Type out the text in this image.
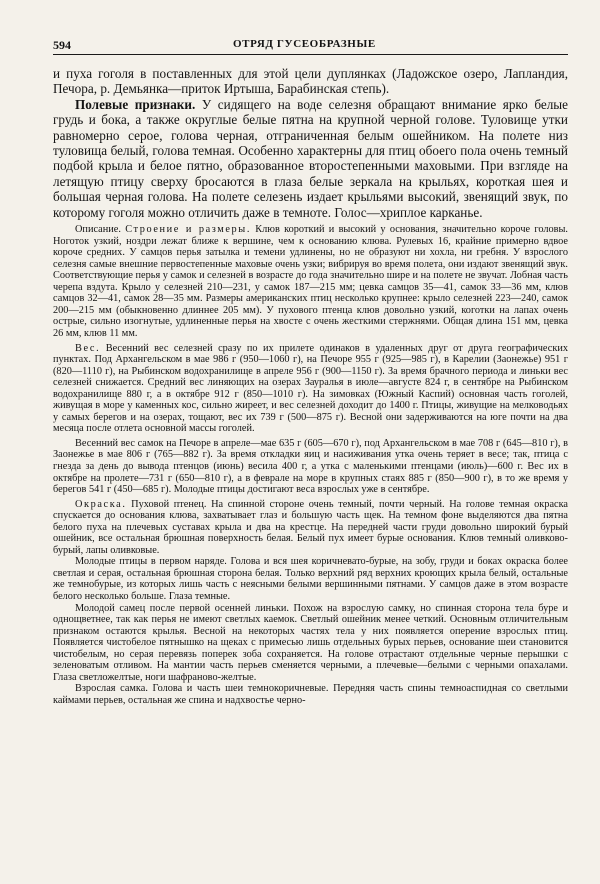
594	ОТРЯД ГУСЕОБРАЗНЫЕ

и пуха гоголя в поставленных для этой цели дуплянках (Ладожское озеро, Лапландия, Печора, р. Демьянка—приток Иртыша, Барабинская степь).

Полевые признаки. У сидящего на воде селезня обращают внимание ярко белые грудь и бока, а также округлые белые пятна на крупной черной голове. Туловище утки равномерно серое, голова черная, отграниченная белым ошейником. На полете низ туловища белый, голова темная. Особенно характерны для птиц обоего пола очень темный подбой крыла и белое пятно, образованное второстепенными маховыми. При взгляде на летящую птицу сверху бросаются в глаза белые зеркала на крыльях, короткая шея и большая черная голова. На полете селезень издает крыльями высокий, звенящий звук, по которому гоголя можно отличить даже в темноте. Голос—хриплое карканье.

Описание. Строение и размеры. Клюв короткий и высокий у основания, значительно короче головы. Ноготок узкий, ноздри лежат ближе к вершине, чем к основанию клюва. Рулевых 16, крайние примерно вдвое короче средних. У самцов перья затылка и темени удлинены, но не образуют ни хохла, ни гребня. У взрослого селезня самые внешние первостепенные маховые очень узки; вибрируя во время полета, они издают звенящий звук. Соответствующие перья у самок и селезней в возрасте до года значительно шире и на полете не звучат. Лобная часть черепа вздута. Крыло у селезней 210—231, у самок 187—215 мм; цевка самцов 35—41, самок 33—36 мм, клюв самцов 32—41, самок 28—35 мм. Размеры американских птиц несколько крупнее: крыло селезней 223—240, самок 200—215 мм (обыкновенно длиннее 205 мм). У пухового птенца клюв довольно узкий, коготки на лапах очень острые, сильно изогнутые, удлиненные перья на хвосте с очень жесткими стержнями. Общая длина 151 мм, цевка 26 мм, клюв 11 мм.

Вес. Весенний вес селезней сразу по их прилете одинаков в удаленных друг от друга географических пунктах. Под Архангельском в мае 986 г (950—1060 г), на Печоре 955 г (925—985 г), в Карелии (Заонежье) 951 г (820—1110 г), на Рыбинском водохранилище в апреле 956 г (900—1150 г). За время брачного периода и линьки вес селезней снижается. Средний вес линяющих на озерах Зауралья в июле—августе 824 г, в сентябре на Рыбинском водохранилище 880 г, а в октябре 912 г (850—1010 г). На зимовках (Южный Каспий) основная часть гоголей, живущая в море у каменных кос, сильно жиреет, и вес селезней доходит до 1400 г. Птицы, живущие на мелководьях у самых берегов и на озерах, тощают, вес их 739 г (500—875 г). Весной они задерживаются на юге почти на два месяца после отлета основной массы гоголей.

Весенний вес самок на Печоре в апреле—мае 635 г (605—670 г), под Архангельском в мае 708 г (645—810 г), в Заонежье в мае 806 г (765—882 г). За время откладки яиц и насиживания утка очень теряет в весе; так, птица с гнезда за день до вывода птенцов (июнь) весила 400 г, а утка с маленькими птенцами (июль)—600 г. Вес их в октябре на пролете—731 г (650—810 г), а в феврале на море в крупных стаях 885 г (850—900 г), в то же время у берегов 541 г (450—685 г). Молодые птицы достигают веса взрослых уже в сентябре.

Окраска. Пуховой птенец. На спинной стороне очень темный, почти черный. На голове темная окраска спускается до основания клюва, захватывает глаз и большую часть щек. На темном фоне выделяются два пятна белого пуха на плечевых суставах крыла и два на крестце. На передней части груди довольно широкий бурый ошейник, все остальная брюшная поверхность белая. Белый пух имеет бурые основания. Клюв темный оливково-бурый, лапы оливковые.

Молодые птицы в первом наряде. Голова и вся шея коричневато-бурые, на зобу, груди и боках окраска более светлая и серая, остальная брюшная сторона белая. Только верхний ряд верхних кроющих крыла белый, остальные же темнобурые, из которых лишь часть с неясными белыми вершинными пятнами. У самцов даже в этом возрасте белого несколько больше. Глаза темные.

Молодой самец после первой осенней линьки. Похож на взрослую самку, но спинная сторона тела буре и однощветнее, так как перья не имеют светлых каемок. Светлый ошейник менее четкий. Основным отличительным признаком остаются крылья. Весной на некоторых частях тела у них появляется оперение взрослых птиц. Появляется чистобелое пятнышко на щеках с примесью лишь отдельных бурых перьев, основание шеи становится чистобелым, но серая перевязь поперек зоба сохраняется. На голове отрастают отдельные черные перышки с зеленоватым отливом. На мантии часть перьев сменяется черными, а плечевые—белыми с черными опахалами. Глаза светложелтые, ноги шафраново-желтые.

Взрослая самка. Голова и часть шеи темнокоричневые. Передняя часть спины темноаспидная со светлыми каймами перьев, остальная же спина и надхвостье черно-
